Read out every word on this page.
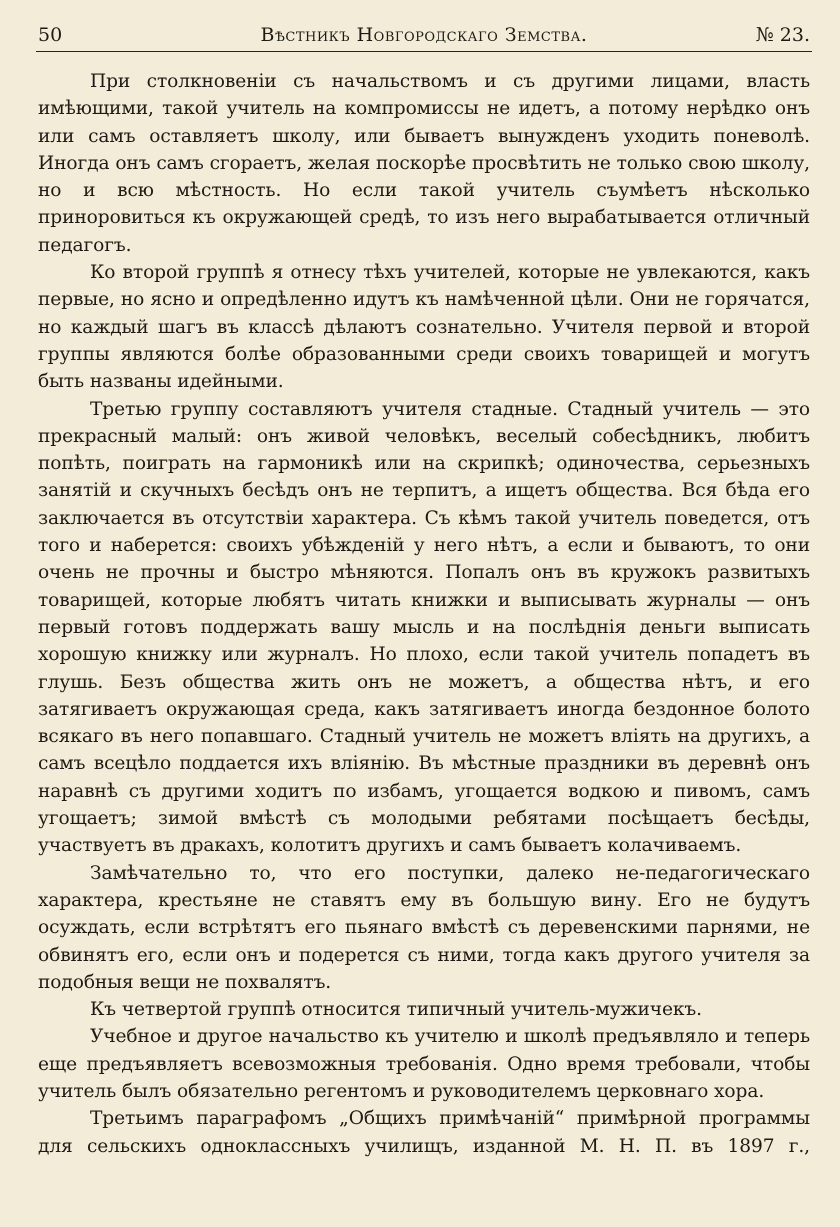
50	Вѣстникъ Новгородскаго Земства.	№ 23.

При столкновеніи съ начальствомъ и съ другими лицами, власть имѣющими, такой учитель на компромиссы не идетъ, а потому нерѣдко онъ или самъ оставляетъ школу, или бываетъ вынужденъ уходить поневолѣ. Иногда онъ самъ сгораетъ, желая поскорѣе просвѣтить не только свою школу, но и всю мѣстность. Но если такой учитель съумѣетъ нѣсколько приноровиться къ окружающей средѣ, то изъ него вырабатывается отличный педагогъ.

Ко второй группѣ я отнесу тѣхъ учителей, которые не увлекаются, какъ первые, но ясно и опредѣленно идутъ къ намѣченной цѣли. Они не горячатся, но каждый шагъ въ классѣ дѣлаютъ сознательно. Учителя первой и второй группы являются болѣе образованными среди своихъ товарищей и могутъ быть названы идейными.

Третью группу составляютъ учителя стадные. Стадный учитель — это прекрасный малый: онъ живой человѣкъ, веселый собесѣдникъ, любитъ попѣть, поиграть на гармоникѣ или на скрипкѣ; одиночества, серьезныхъ занятій и скучныхъ бесѣдъ онъ не терпитъ, а ищетъ общества. Вся бѣда его заключается въ отсутствіи характера. Съ кѣмъ такой учитель поведется, отъ того и наберется: своихъ убѣжденій у него нѣтъ, а если и бываютъ, то они очень не прочны и быстро мѣняются. Попалъ онъ въ кружокъ развитыхъ товарищей, которые любятъ читать книжки и выписывать журналы — онъ первый готовъ поддержать вашу мысль и на послѣднія деньги выписать хорошую книжку или журналъ. Но плохо, если такой учитель попадетъ въ глушь. Безъ общества жить онъ не можетъ, а общества нѣтъ, и его затягиваетъ окружающая среда, какъ затягиваетъ иногда бездонное болото всякаго въ него попавшаго. Стадный учитель не можетъ вліять на другихъ, а самъ всецѣло поддается ихъ вліянію. Въ мѣстные праздники въ деревнѣ онъ наравнѣ съ другими ходитъ по избамъ, угощается водкою и пивомъ, самъ угощаетъ; зимой вмѣстѣ съ молодыми ребятами посѣщаетъ бесѣды, участвуетъ въ дракахъ, колотитъ другихъ и самъ бываетъ колачиваемъ.

Замѣчательно то, что его поступки, далеко не-педагогическаго характера, крестьяне не ставятъ ему въ большую вину. Его не будутъ осуждать, если встрѣтятъ его пьянаго вмѣстѣ съ деревенскими парнями, не обвинятъ его, если онъ и подерется съ ними, тогда какъ другого учителя за подобныя вещи не похвалятъ.

Къ четвертой группѣ относится типичный учитель-мужичекъ.

Учебное и другое начальство къ учителю и школѣ предъявляло и теперь еще предъявляетъ всевозможныя требованія. Одно время требовали, чтобы учитель былъ обязательно регентомъ и руководителемъ церковнаго хора.

Третьимъ параграфомъ „Общихъ примѣчаній“ примѣрной программы для сельскихъ одноклассныхъ училищъ, изданной М. Н. П. въ 1897 г.,
